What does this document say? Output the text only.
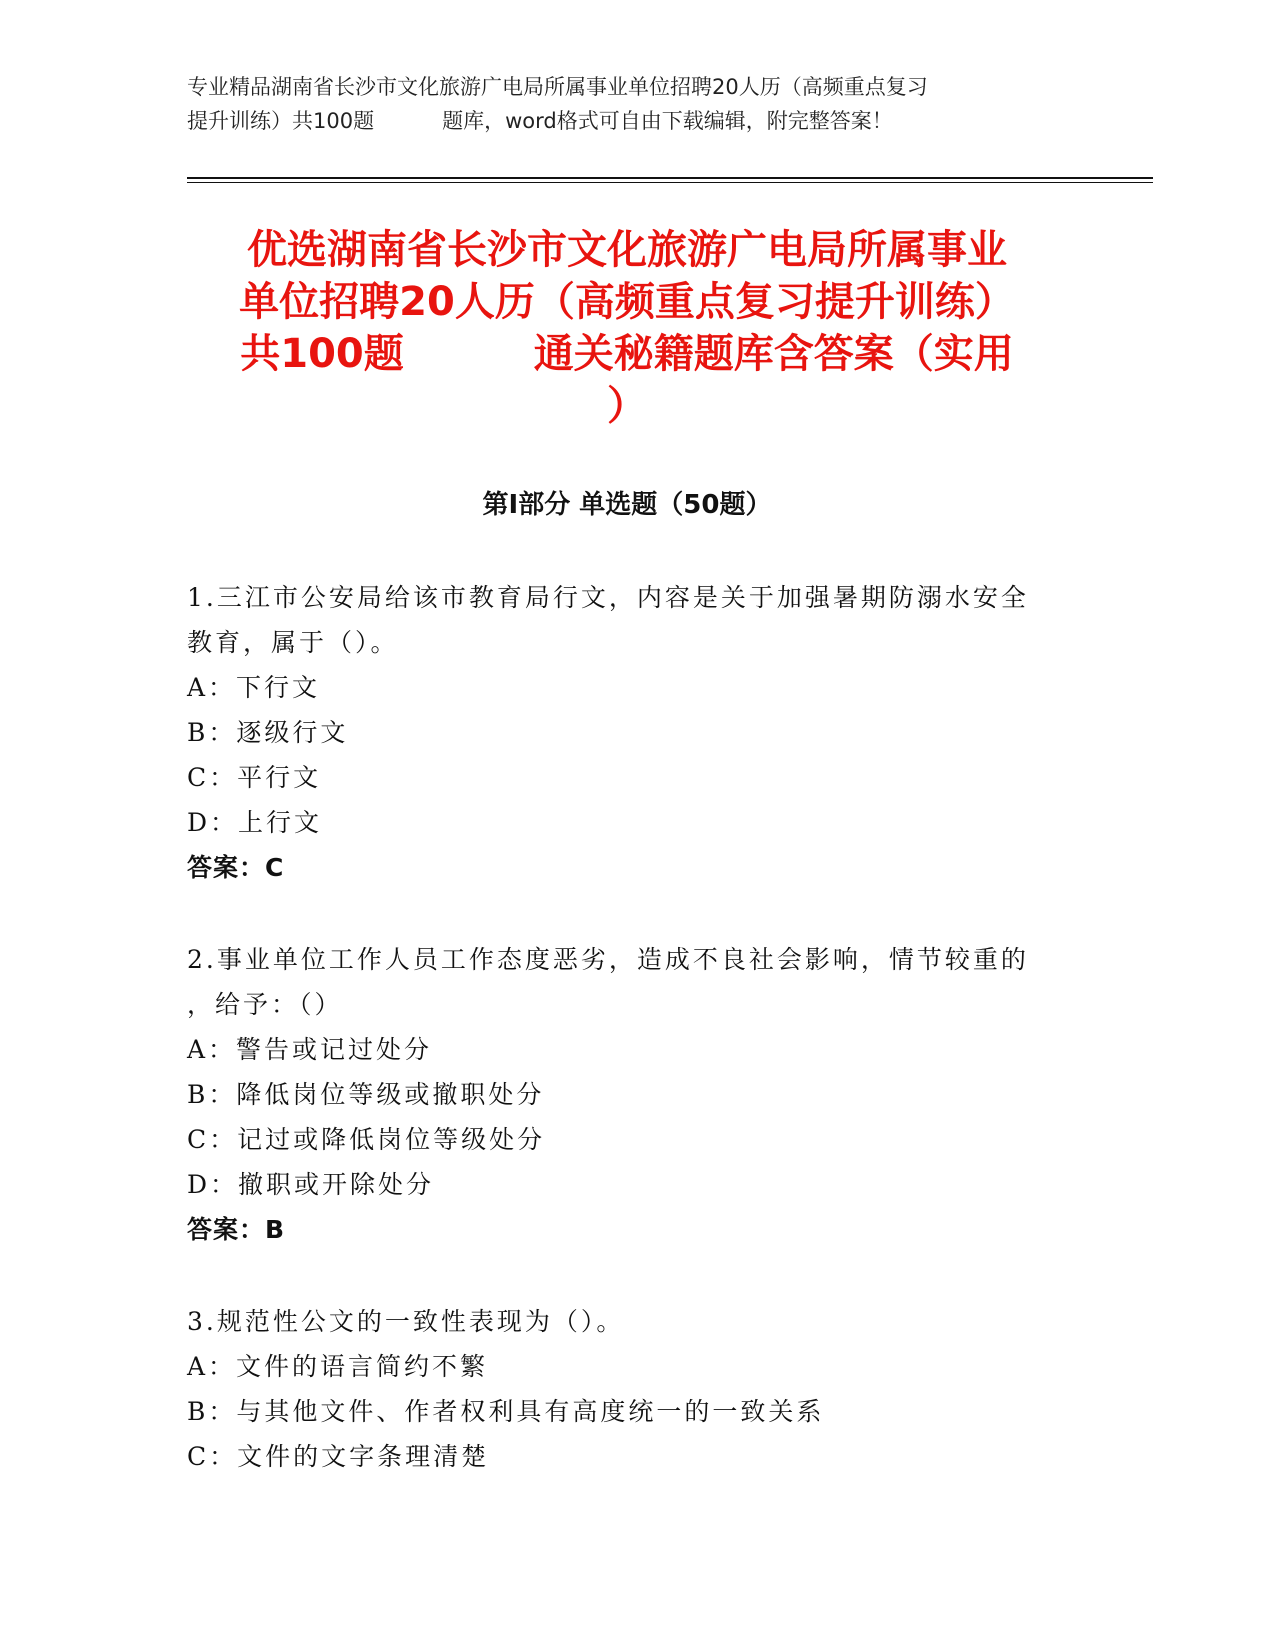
专业精品湖南省长沙市文化旅游广电局所属事业单位招聘20人历（高频重点复习
提升训练）共100题	题库，word格式可自由下载编辑，附完整答案！
优选湖南省长沙市文化旅游广电局所属事业
单位招聘20人历（高频重点复习提升训练）
共100题	通关秘籍题库含答案（实用
）
第Ⅰ部分 单选题（50题）
1.三江市公安局给该市教育局行文，内容是关于加强暑期防溺水安全
教育，属于（）。
A：下行文
B：逐级行文
C：平行文
D：上行文
答案：C
2.事业单位工作人员工作态度恶劣，造成不良社会影响，情节较重的
，给予：（）
A：警告或记过处分
B：降低岗位等级或撤职处分
C：记过或降低岗位等级处分
D：撤职或开除处分
答案：B
3.规范性公文的一致性表现为（）。
A：文件的语言简约不繁
B：与其他文件、作者权利具有高度统一的一致关系
C：文件的文字条理清楚
